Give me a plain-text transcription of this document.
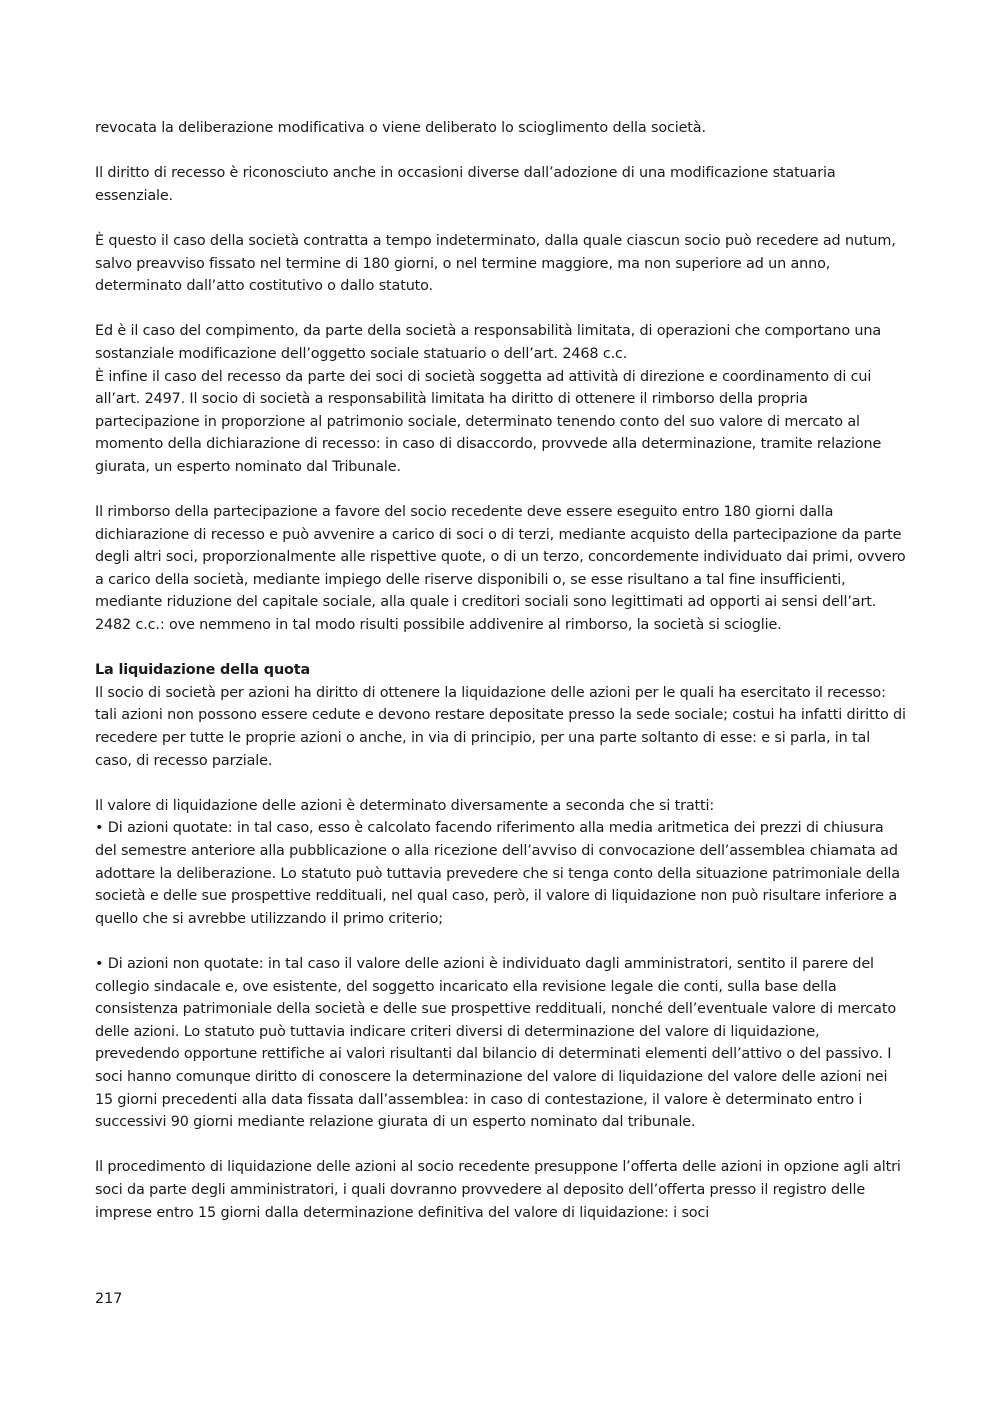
revocata la deliberazione modificativa o viene deliberato lo scioglimento della società.

Il diritto di recesso è riconosciuto anche in occasioni diverse dall’adozione di una modificazione statuaria essenziale.

È questo il caso della società contratta a tempo indeterminato, dalla quale ciascun socio può recedere ad nutum, salvo preavviso fissato nel termine di 180 giorni, o nel termine maggiore, ma non superiore ad un anno, determinato dall’atto costitutivo o dallo statuto.

Ed è il caso del compimento, da parte della società a responsabilità limitata, di operazioni che comportano una sostanziale modificazione dell’oggetto sociale statuario o dell’art. 2468 c.c.

È infine il caso del recesso da parte dei soci di società soggetta ad attività di direzione e coordinamento di cui all’art. 2497. Il socio di società a responsabilità limitata ha diritto di ottenere il rimborso della propria partecipazione in proporzione al patrimonio sociale, determinato tenendo conto del suo valore di mercato al momento della dichiarazione di recesso: in caso di disaccordo, provvede alla determinazione, tramite relazione giurata, un esperto nominato dal Tribunale.

Il rimborso della partecipazione a favore del socio recedente deve essere eseguito entro 180 giorni dalla dichiarazione di recesso e può avvenire a carico di soci o di terzi, mediante acquisto della partecipazione da parte degli altri soci, proporzionalmente alle rispettive quote, o di un terzo, concordemente individuato dai primi, ovvero a carico della società, mediante impiego delle riserve disponibili o, se esse risultano a tal fine insufficienti, mediante riduzione del capitale sociale, alla quale i creditori sociali sono legittimati ad opporti ai sensi dell’art. 2482 c.c.: ove nemmeno in tal modo risulti possibile addivenire al rimborso, la società si scioglie.

La liquidazione della quota

Il socio di società per azioni ha diritto di ottenere la liquidazione delle azioni per le quali ha esercitato il recesso: tali azioni non possono essere cedute e devono restare depositate presso la sede sociale; costui ha infatti diritto di recedere per tutte le proprie azioni o anche, in via di principio, per una parte soltanto di esse: e si parla, in tal caso, di recesso parziale.

Il valore di liquidazione delle azioni è determinato diversamente a seconda che si tratti:

• Di azioni quotate: in tal caso, esso è calcolato facendo riferimento alla media aritmetica dei prezzi di chiusura del semestre anteriore alla pubblicazione o alla ricezione dell’avviso di convocazione dell’assemblea chiamata ad adottare la deliberazione. Lo statuto può tuttavia prevedere che si tenga conto della situazione patrimoniale della società e delle sue prospettive reddituali, nel qual caso, però, il valore di liquidazione non può risultare inferiore a quello che si avrebbe utilizzando il primo criterio;

• Di azioni non quotate: in tal caso il valore delle azioni è individuato dagli amministratori, sentito il parere del collegio sindacale e, ove esistente, del soggetto incaricato ella revisione legale die conti, sulla base della consistenza patrimoniale della società e delle sue prospettive reddituali, nonché dell’eventuale valore di mercato delle azioni. Lo statuto può tuttavia indicare criteri diversi di determinazione del valore di liquidazione, prevedendo opportune rettifiche ai valori risultanti dal bilancio di determinati elementi dell’attivo o del passivo. I soci hanno comunque diritto di conoscere la determinazione del valore di liquidazione del valore delle azioni nei 15 giorni precedenti alla data fissata dall’assemblea: in caso di contestazione, il valore è determinato entro i successivi 90 giorni mediante relazione giurata di un esperto nominato dal tribunale.

Il procedimento di liquidazione delle azioni al socio recedente presuppone l’offerta delle azioni in opzione agli altri soci da parte degli amministratori, i quali dovranno provvedere al deposito dell’offerta presso il registro delle imprese entro 15 giorni dalla determinazione definitiva del valore di liquidazione: i soci

217
